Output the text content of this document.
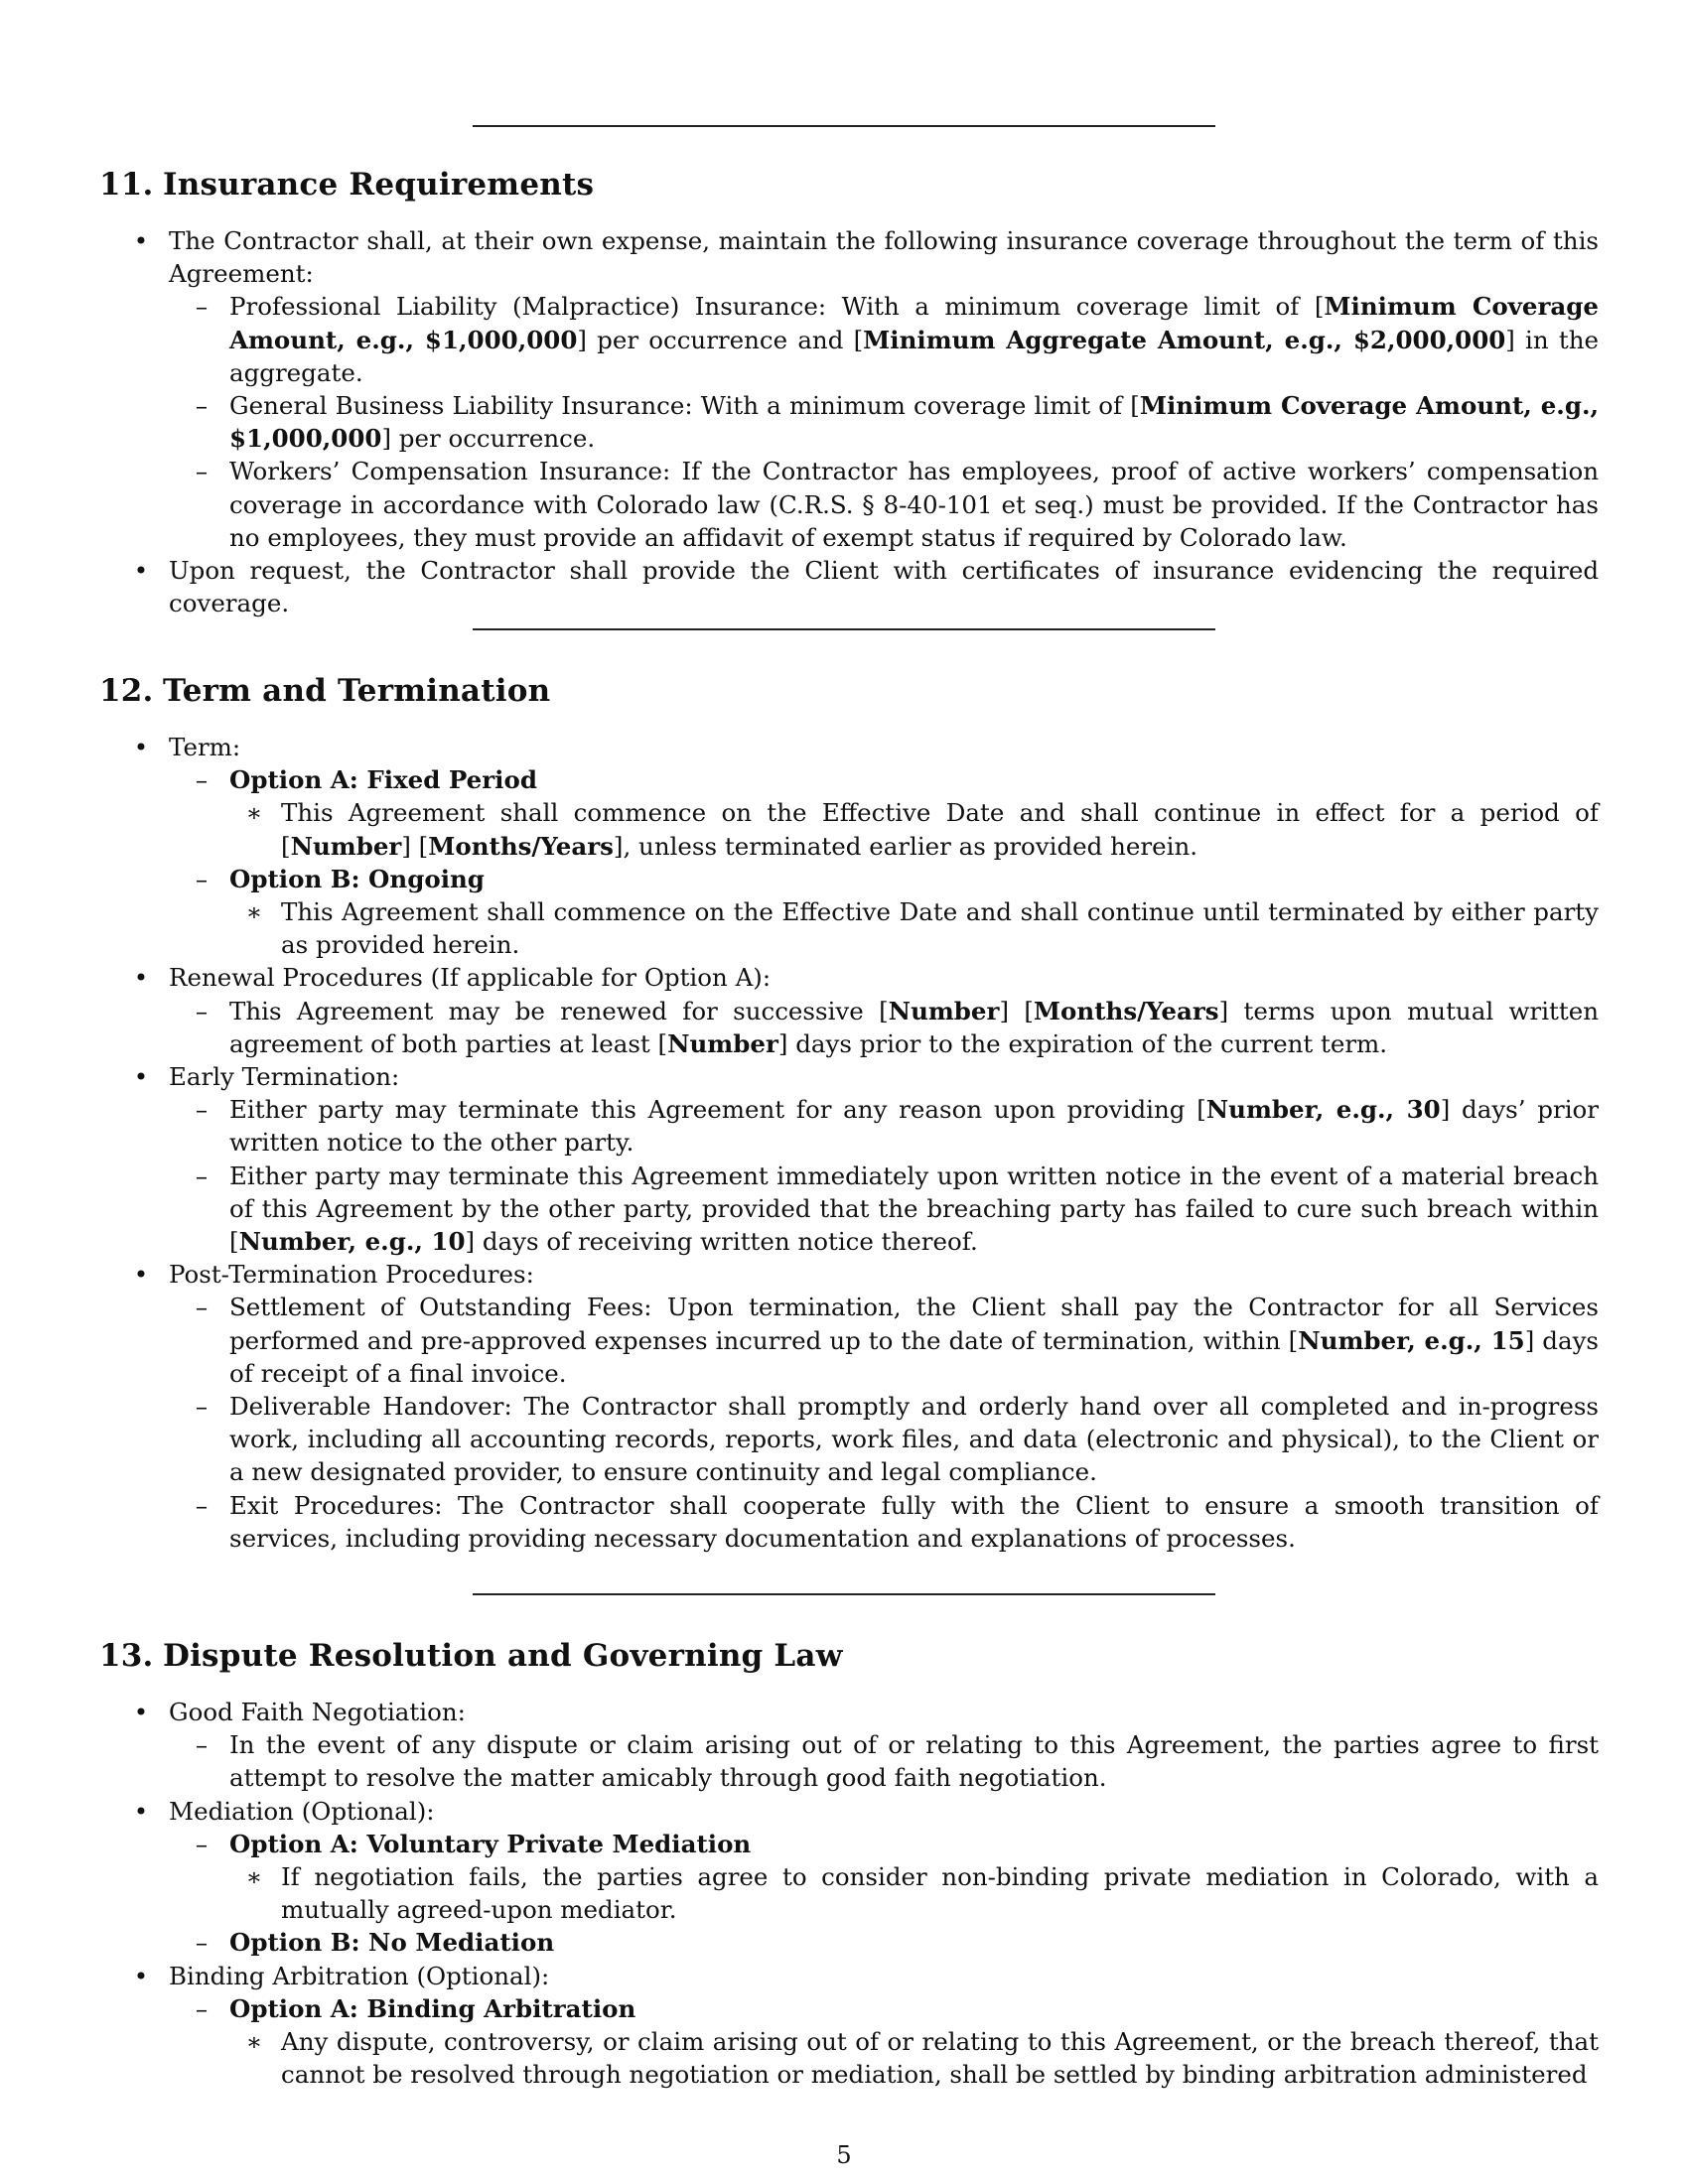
11. Insurance Requirements
• The Contractor shall, at their own expense, maintain the following insurance coverage throughout the term of this Agreement:
– Professional Liability (Malpractice) Insurance: With a minimum coverage limit of [Minimum Coverage Amount, e.g., $1,000,000] per occurrence and [Minimum Aggregate Amount, e.g., $2,000,000] in the aggregate.
– General Business Liability Insurance: With a minimum coverage limit of [Minimum Coverage Amount, e.g., $1,000,000] per occurrence.
– Workers’ Compensation Insurance: If the Contractor has employees, proof of active workers’ compensation coverage in accordance with Colorado law (C.R.S. § 8-40-101 et seq.) must be provided. If the Contractor has no employees, they must provide an affidavit of exempt status if required by Colorado law.
• Upon request, the Contractor shall provide the Client with certificates of insurance evidencing the required coverage.
12. Term and Termination
• Term:
– Option A: Fixed Period
∗ This Agreement shall commence on the Effective Date and shall continue in effect for a period of [Number] [Months/Years], unless terminated earlier as provided herein.
– Option B: Ongoing
∗ This Agreement shall commence on the Effective Date and shall continue until terminated by either party as provided herein.
• Renewal Procedures (If applicable for Option A):
– This Agreement may be renewed for successive [Number] [Months/Years] terms upon mutual written agreement of both parties at least [Number] days prior to the expiration of the current term.
• Early Termination:
– Either party may terminate this Agreement for any reason upon providing [Number, e.g., 30] days’ prior written notice to the other party.
– Either party may terminate this Agreement immediately upon written notice in the event of a material breach of this Agreement by the other party, provided that the breaching party has failed to cure such breach within [Number, e.g., 10] days of receiving written notice thereof.
• Post-Termination Procedures:
– Settlement of Outstanding Fees: Upon termination, the Client shall pay the Contractor for all Services performed and pre-approved expenses incurred up to the date of termination, within [Number, e.g., 15] days of receipt of a final invoice.
– Deliverable Handover: The Contractor shall promptly and orderly hand over all completed and in-progress work, including all accounting records, reports, work files, and data (electronic and physical), to the Client or a new designated provider, to ensure continuity and legal compliance.
– Exit Procedures: The Contractor shall cooperate fully with the Client to ensure a smooth transition of services, including providing necessary documentation and explanations of processes.
13. Dispute Resolution and Governing Law
• Good Faith Negotiation:
– In the event of any dispute or claim arising out of or relating to this Agreement, the parties agree to first attempt to resolve the matter amicably through good faith negotiation.
• Mediation (Optional):
– Option A: Voluntary Private Mediation
∗ If negotiation fails, the parties agree to consider non-binding private mediation in Colorado, with a mutually agreed-upon mediator.
– Option B: No Mediation
• Binding Arbitration (Optional):
– Option A: Binding Arbitration
∗ Any dispute, controversy, or claim arising out of or relating to this Agreement, or the breach thereof, that cannot be resolved through negotiation or mediation, shall be settled by binding arbitration administered
5
